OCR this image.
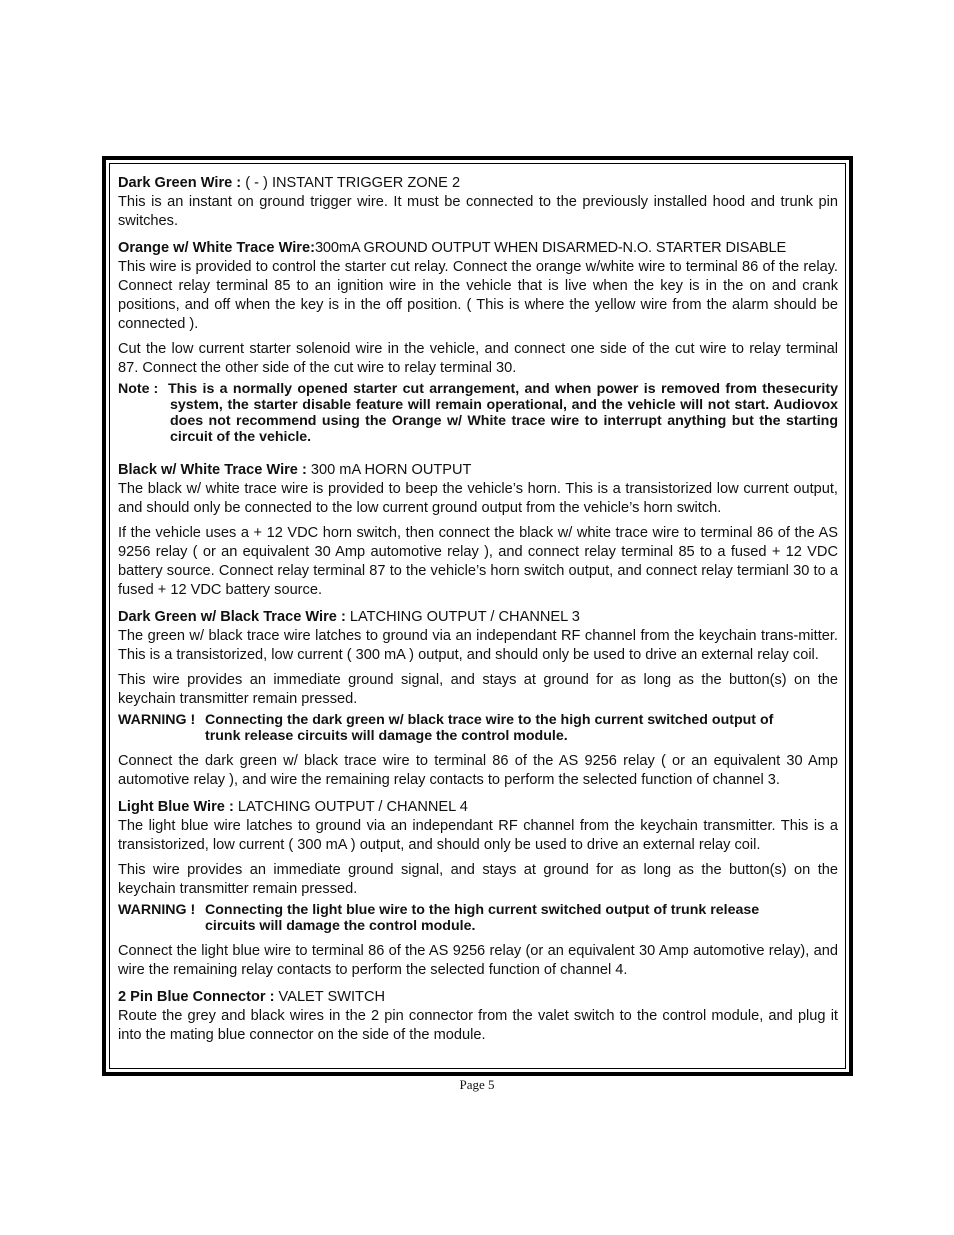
Dark Green Wire : ( - ) INSTANT TRIGGER ZONE 2

This is an instant on ground trigger wire. It must be connected to the previously installed hood and trunk pin switches.

Orange w/ White Trace Wire:300mA GROUND OUTPUT WHEN DISARMED-N.O. STARTER DISABLE

This wire is provided to control the starter cut relay. Connect the orange w/white wire to terminal 86 of the relay. Connect relay terminal 85 to an ignition wire in the vehicle that is live when the key is in the on and crank positions, and off when the key is in the off position. ( This is where the yellow wire from the alarm should be connected ).

Cut the low current starter solenoid wire in the vehicle, and connect one side of the cut wire to relay terminal 87. Connect the other side of the cut wire to relay terminal 30.

Note : This is a normally opened starter cut arrangement, and when power is removed from thesecurity system, the starter disable feature will remain operational, and the vehicle will not start. Audiovox does not recommend using the Orange w/ White trace wire to interrupt anything but the starting circuit of the vehicle.

Black w/ White Trace Wire : 300 mA HORN OUTPUT

The black w/ white trace wire is provided to beep the vehicle’s horn. This is a transistorized low current output, and should only be connected to the low current ground output from the vehicle’s horn switch.

If the vehicle uses a + 12 VDC horn switch, then connect the black w/ white trace wire to terminal 86 of the AS 9256 relay ( or an equivalent 30 Amp automotive relay ), and connect relay terminal 85 to a fused + 12 VDC battery source. Connect relay terminal 87 to the vehicle’s horn switch output, and connect relay termianl 30 to a fused + 12 VDC battery source.

Dark Green w/ Black Trace Wire : LATCHING OUTPUT / CHANNEL 3

The green w/ black trace wire latches to ground via an independant RF channel from the keychain trans-mitter. This is a transistorized, low current ( 300 mA ) output, and should only be used to drive an external relay coil.

This wire provides an immediate ground signal, and stays at ground for as long as the button(s) on the keychain transmitter remain pressed.

WARNING ! Connecting the dark green w/ black trace wire to the high current switched output of
trunk release circuits will damage the control module.

Connect the dark green w/ black trace wire to terminal 86 of the AS 9256 relay ( or an equivalent 30 Amp automotive relay ), and wire the remaining relay contacts to perform the selected function of channel 3.

Light Blue Wire : LATCHING OUTPUT / CHANNEL 4

The light blue wire latches to ground via an independant RF channel from the keychain transmitter. This is a transistorized, low current ( 300 mA ) output, and should only be used to drive an external relay coil.

This wire provides an immediate ground signal, and stays at ground for as long as the button(s) on the keychain transmitter remain pressed.

WARNING ! Connecting the light blue wire to the high current switched output of trunk release
circuits will damage the control module.

Connect the light blue wire to terminal 86 of the AS 9256 relay (or an equivalent 30 Amp automotive relay), and wire the remaining relay contacts to perform the selected function of channel 4.

2 Pin Blue Connector : VALET SWITCH

Route the grey and black wires in the 2 pin connector from the valet switch to the control module, and plug it into the mating blue connector on the side of the module.

Page 5
